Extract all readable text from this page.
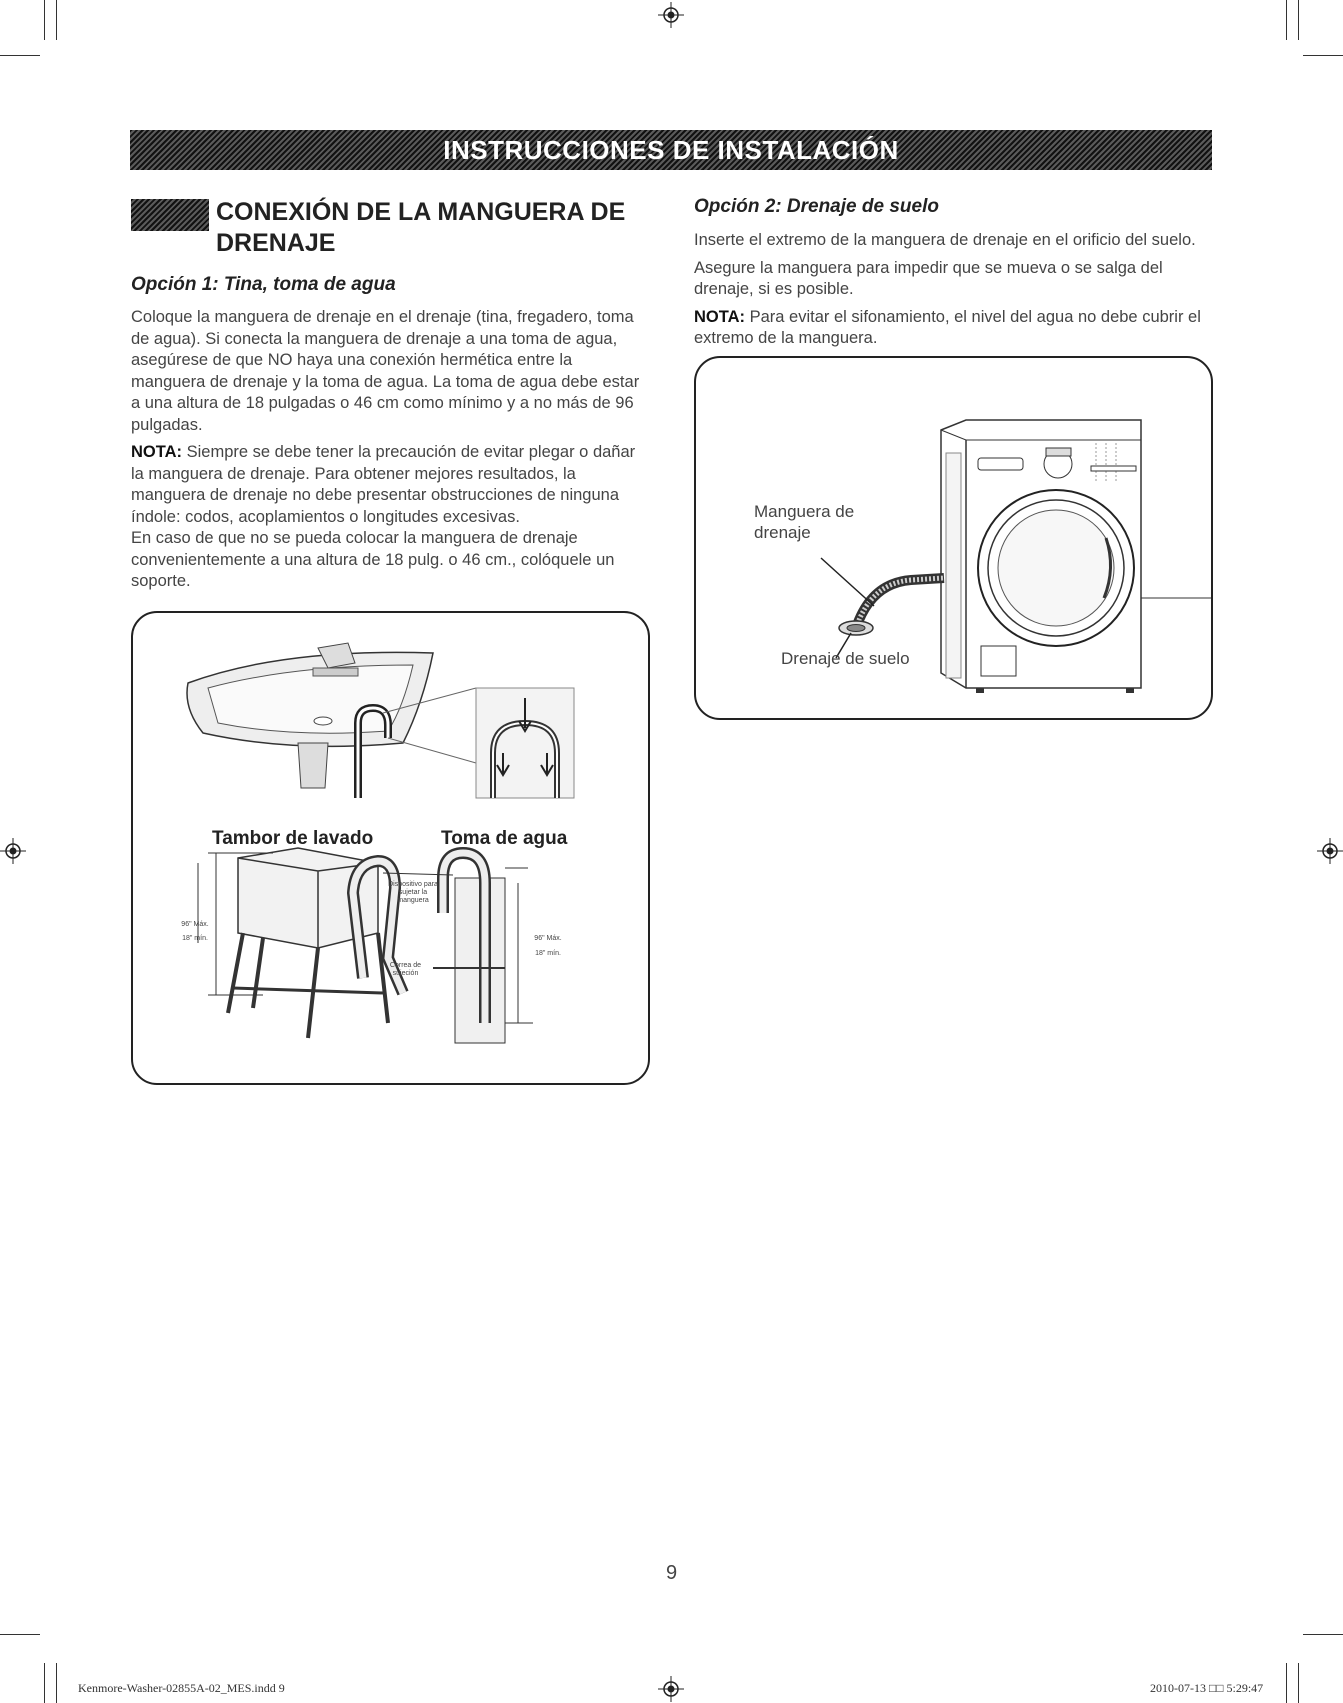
INSTRUCCIONES DE INSTALACIÓN
CONEXIÓN DE LA MANGUERA DE DRENAJE
Opción 1: Tina, toma de agua

Coloque la manguera de drenaje en el drenaje (tina, fregadero, toma de agua). Si conecta la manguera de drenaje a una toma de agua, asegúrese de que NO haya una conexión hermética entre la manguera de drenaje y la toma de agua. La toma de agua debe estar a una altura de 18 pulgadas o 46 cm como mínimo y a no más de 96 pulgadas.

NOTA: Siempre se debe tener la precaución de evitar plegar o dañar la manguera de drenaje. Para obtener mejores resultados, la manguera de drenaje no debe presentar obstrucciones de ninguna índole: codos, acoplamientos o longitudes excesivas.

En caso de que no se pueda colocar la manguera de drenaje convenientemente a una altura de 18 pulg. o 46 cm., colóquele un soporte.

Opción 2: Drenaje de suelo

Inserte el extremo de la manguera de drenaje en el orificio del suelo.

Asegure la manguera para impedir que se mueva o se salga del drenaje, si es posible.

NOTA: Para evitar el sifonamiento, el nivel del agua no debe cubrir el extremo de la manguera.

Tambor de lavado	Toma de agua
96" Máx.
18" mín.	96" Máx.
18" mín.
Dispositivo para sujetar la manguera
Correa de sujeción
Manguera de drenaje
Drenaje de suelo
9
Kenmore-Washer-02855A-02_MES.indd 9	2010-07-13 □□ 5:29:47
